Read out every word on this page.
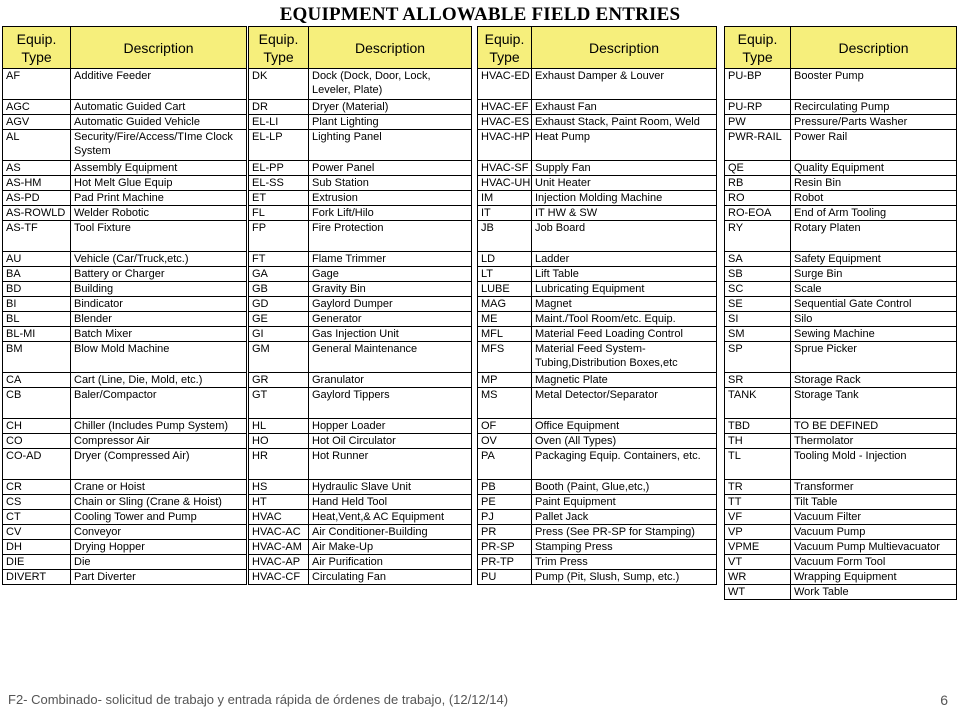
EQUIPMENT ALLOWABLE FIELD ENTRIES
Equip. Type	Description
AF	Additive Feeder
AGC	Automatic Guided Cart
AGV	Automatic Guided Vehicle
AL	Security/Fire/Access/TIme Clock System
AS	Assembly Equipment
AS-HM	Hot Melt Glue Equip
AS-PD	Pad Print Machine
AS-ROWLD	Welder Robotic
AS-TF	Tool Fixture
AU	Vehicle (Car/Truck,etc.)
BA	Battery or Charger
BD	Building
BI	Bindicator
BL	Blender
BL-MI	Batch Mixer
BM	Blow Mold Machine
CA	Cart (Line, Die, Mold, etc.)
CB	Baler/Compactor
CH	Chiller (Includes Pump System)
CO	Compressor Air
CO-AD	Dryer (Compressed Air)
CR	Crane or Hoist
CS	Chain or Sling (Crane & Hoist)
CT	Cooling Tower and Pump
CV	Conveyor
DH	Drying Hopper
DIE	Die
DIVERT	Part Diverter
Equip. Type	Description
DK	Dock (Dock, Door, Lock, Leveler, Plate)
DR	Dryer (Material)
EL-LI	Plant Lighting
EL-LP	Lighting Panel
EL-PP	Power Panel
EL-SS	Sub Station
ET	Extrusion
FL	Fork Lift/Hilo
FP	Fire Protection
FT	Flame Trimmer
GA	Gage
GB	Gravity Bin
GD	Gaylord Dumper
GE	Generator
GI	Gas Injection Unit
GM	General Maintenance
GR	Granulator
GT	Gaylord Tippers
HL	Hopper Loader
HO	Hot Oil Circulator
HR	Hot Runner
HS	Hydraulic Slave Unit
HT	Hand Held Tool
HVAC	Heat,Vent,& AC Equipment
HVAC-AC	Air Conditioner-Building
HVAC-AM	Air Make-Up
HVAC-AP	Air Purification
HVAC-CF	Circulating Fan
Equip. Type	Description
HVAC-ED	Exhaust Damper & Louver
HVAC-EF	Exhaust Fan
HVAC-ES	Exhaust Stack, Paint Room, Weld
HVAC-HP	Heat Pump
HVAC-SF	Supply Fan
HVAC-UH	Unit Heater
IM	Injection Molding Machine
IT	IT HW & SW
JB	Job Board
LD	Ladder
LT	Lift Table
LUBE	Lubricating Equipment
MAG	Magnet
ME	Maint./Tool Room/etc. Equip.
MFL	Material Feed Loading Control
MFS	Material Feed System-Tubing,Distribution Boxes,etc
MP	Magnetic Plate
MS	Metal Detector/Separator
OF	Office Equipment
OV	Oven (All Types)
PA	Packaging Equip. Containers, etc.
PB	Booth (Paint, Glue,etc,)
PE	Paint Equipment
PJ	Pallet Jack
PR	Press (See PR-SP for Stamping)
PR-SP	Stamping Press
PR-TP	Trim Press
PU	Pump (Pit, Slush, Sump, etc.)
Equip. Type	Description
PU-BP	Booster Pump
PU-RP	Recirculating Pump
PW	Pressure/Parts Washer
PWR-RAIL	Power Rail
QE	Quality Equipment
RB	Resin Bin
RO	Robot
RO-EOA	End of Arm Tooling
RY	Rotary Platen
SA	Safety Equipment
SB	Surge Bin
SC	Scale
SE	Sequential Gate Control
SI	Silo
SM	Sewing Machine
SP	Sprue Picker
SR	Storage Rack
TANK	Storage Tank
TBD	TO BE DEFINED
TH	Thermolator
TL	Tooling Mold - Injection
TR	Transformer
TT	Tilt Table
VF	Vacuum Filter
VP	Vacuum Pump
VPME	Vacuum Pump Multievacuator
VT	Vacuum Form Tool
WR	Wrapping Equipment
WT	Work Table
F2- Combinado- solicitud de trabajo y entrada rápida de órdenes de trabajo, (12/12/14)	6
